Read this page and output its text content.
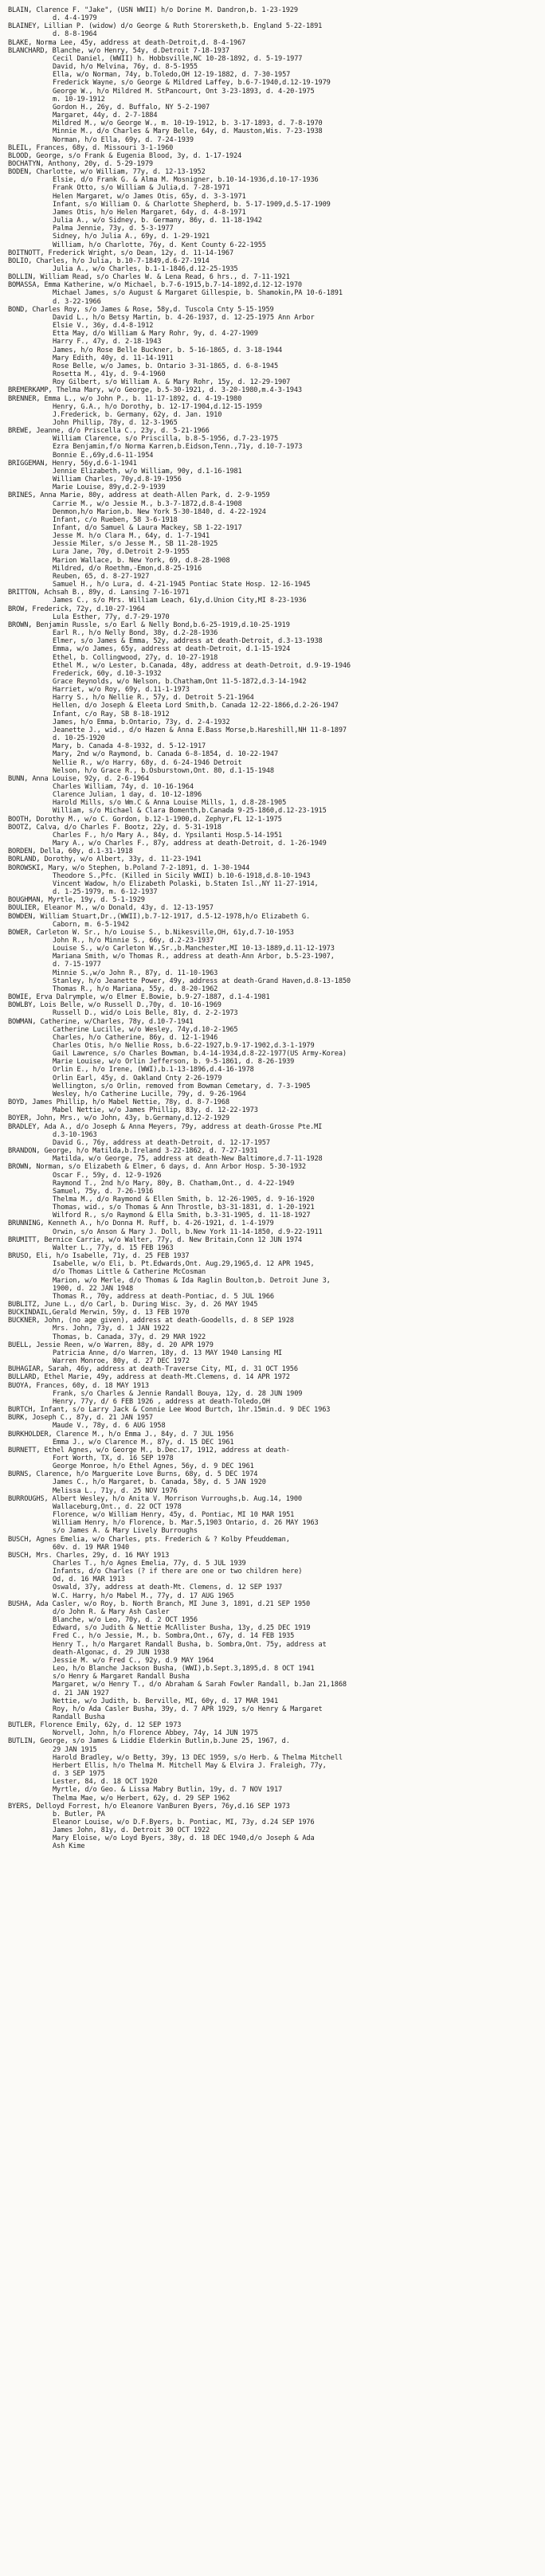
BLAIN, Clarence F. "Jake", (USN WWII) h/o Dorine M. Dandron,b. 1-23-1929
d. 4-4-1979
BLAINEY, Lillian P. (widow) d/o George & Ruth Storersketh,b. England 5-22-1891
d. 8-8-1964
BLAKE, Norma Lee, 45y, address at death-Detroit,d. 8-4-1967
BLANCHARD, Blanche, w/o Henry, 54y, d.Detroit 7-18-1937
Cecil Daniel, (WWII) h. Hobbsville,NC 10-28-1892, d. 5-19-1977
David, h/o Melvina, 76y, d. 8-5-1955
Ella, w/o Norman, 74y, b.Toledo,OH 12-19-1882, d. 7-30-1957
Frederick Wayne, s/o George & Mildred Laffey, b.6-7-1940,d.12-19-1979
George W., h/o Mildred M. StPancourt, Ont 3-23-1893, d. 4-20-1975
m. 10-19-1912
Gordon H., 26y, d. Buffalo, NY 5-2-1907
Margaret, 44y, d. 2-7-1884
Mildred M., w/o George W., m. 10-19-1912, b. 3-17-1893, d. 7-8-1970
Minnie M., d/o Charles & Mary Belle, 64y, d. Mauston,Wis. 7-23-1938
Norman, h/o Ella, 69y, d. 7-24-1939
BLEIL, Frances, 68y, d. Missouri 3-1-1960
BLOOD, George, s/o Frank & Eugenia Blood, 3y, d. 1-17-1924
BOCHATYN, Anthony, 20y, d. 5-29-1979
BODEN, Charlotte, w/o William, 77y, d. 12-13-1952
Elsie, d/o Frank G. & Alma M. Mosnigner, b.10-14-1936,d.10-17-1936
Frank Otto, s/o William & Julia,d. 7-28-1971
Helen Margaret, w/o James Otis, 65y, d. 3-3-1971
Infant, s/o William O. & Charlotte Shepherd, b. 5-17-1909,d.5-17-1909
James Otis, h/o Helen Margaret, 64y, d. 4-8-1971
Julia A., w/o Sidney, b. Germany, 86y, d. 11-18-1942
Palma Jennie, 73y, d. 5-3-1977
Sidney, h/o Julia A., 69y, d. 1-29-1921
William, h/o Charlotte, 76y, d. Kent County 6-22-1955
BOITNOTT, Frederick Wright, s/o Dean, 12y, d. 11-14-1967
BOLIO, Charles, h/o Julia, b.10-7-1849,d.6-27-1914
Julia A., w/o Charles, b.1-1-1846,d.12-25-1935
BOLLIN, William Read, s/o Charles W. & Lena Read, 6 hrs., d. 7-11-1921
BOMASSA, Emma Katherine, w/o Michael, b.7-6-1915,b.7-14-1892,d.12-12-1970
Michael James, s/o August & Margaret Gillespie, b. Shamokin,PA 10-6-1891
d. 3-22-1966
BOND, Charles Roy, s/o James & Rose, 58y,d. Tuscola Cnty 5-15-1959
David L., h/o Betsy Martin, b. 4-26-1937, d. 12-25-1975 Ann Arbor
Elsie V., 36y, d.4-8-1912
Etta May, d/o William & Mary Rohr, 9y, d. 4-27-1909
Harry F., 47y, d. 2-18-1943
James, h/o Rose Belle Buckner, b. 5-16-1865, d. 3-18-1944
Mary Edith, 40y, d. 11-14-1911
Rose Belle, w/o James, b. Ontario 3-31-1865, d. 6-8-1945
Rosetta M., 41y, d. 9-4-1960
Roy Gilbert, s/o William A. & Mary Rohr, 15y, d. 12-29-1907
BREMERKAMP, Thelma Mary, w/o George, b.5-30-1921, d. 3-20-1980,m.4-3-1943
BRENNER, Emma L., w/o John P., b. 11-17-1892, d. 4-19-1980
Henry, G.A., h/o Dorothy, b. 12-17-1904,d.12-15-1959
J.Frederick, b. Germany, 62y, d. Jan. 1910
John Phillip, 78y, d. 12-3-1965
BREWE, Jeanne, d/o Priscella C., 23y, d. 5-21-1966
William Clarence, s/o Priscilla, b.8-5-1956, d.7-23-1975
Ezra Benjamin,f/o Norma Karren,b.Eidson,Tenn.,71y, d.10-7-1973
Bonnie E.,69y,d.6-11-1954
BRIGGEMAN, Henry, 56y,d.6-1-1941
Jennie Elizabeth, w/o William, 90y, d.1-16-1981
William Charles, 70y,d.8-19-1956
Marie Louise, 89y,d.2-9-1939
BRINES, Anna Marie, 80y, address at death-Allen Park, d. 2-9-1959
Carrie M., w/o Jessie M., b.3-7-1872,d.8-4-1908
Denmon,h/o Marion,b. New York 5-30-1840, d. 4-22-1924
Infant, c/o Rueben, 58 3-6-1918
Infant, d/o Samuel & Laura Mackey, SB 1-22-1917
Jesse M. h/o Clara M., 64y, d. 1-7-1941
Jessie Miler, s/o Jesse M., SB 11-28-1925
Lura Jane, 70y, d.Detroit 2-9-1955
Marion Wallace, b. New York, 69, d.8-28-1908
Mildred, d/o Roethm,-Emon,d.8-25-1916
Reuben, 65, d. 8-27-1927
Samuel H., h/o Lura, d. 4-21-1945 Pontiac State Hosp. 12-16-1945
BRITTON, Achsah B., 89y, d. Lansing 7-16-1971
James C., s/o Mrs. William Leach, 61y,d.Union City,MI 8-23-1936
BROW, Frederick, 72y, d.10-27-1964
Lula Esther, 77y, d.7-29-1970
BROWN, Benjamin Russle, s/o Earl & Nelly Bond,b.6-25-1919,d.10-25-1919
Earl R., h/o Nelly Bond, 38y, d.2-28-1936
Elmer, s/o James & Emma, 52y, address at death-Detroit, d.3-13-1938
Emma, w/o James, 65y, address at death-Detroit, d.1-15-1924
Ethel, b. Collingwood, 27y, d. 10-27-1918
Ethel M., w/o Lester, b.Canada, 48y, address at death-Detroit, d.9-19-1946
Frederick, 60y, d.10-3-1932
Grace Reynolds, w/o Nelson, b.Chatham,Ont 11-5-1872,d.3-14-1942
Harriet, w/o Roy, 69y, d.11-1-1973
Harry S., h/o Nellie R., 57y, d. Detroit 5-21-1964
Hellen, d/o Joseph & Eleeta Lord Smith,b. Canada 12-22-1866,d.2-26-1947
Infant, c/o Ray, SB 8-18-1912
James, h/o Emma, b.Ontario, 73y, d. 2-4-1932
Jeanette J., wid., d/o Hazen & Anna E.Bass Morse,b.Hareshill,NH 11-8-1897
d. 10-25-1920
Mary, b. Canada 4-8-1932, d. 5-12-1917
Mary, 2nd w/o Raymond, b. Canada 6-8-1854, d. 10-22-1947
Nellie R., w/o Harry, 68y, d. 6-24-1946 Detroit
Nelson, h/o Grace R., b.Osburstown,Ont. 80, d.1-15-1948
BUNN, Anna Louise, 92y, d. 2-6-1964
Charles William, 74y, d. 10-16-1964
Clarence Julian, 1 day, d. 10-12-1896
Harold Mills, s/o Wm.C & Anna Louise Mills, 1, d.8-28-1905
William, s/o Michael & Clara Bomenth,b.Canada 9-25-1860,d.12-23-1915
BOOTH, Dorothy M., w/o C. Gordon, b.12-1-1900,d. Zephyr,FL 12-1-1975
BOOTZ, Calva, d/o Charles F. Bootz, 22y, d. 5-31-1918
Charles F., h/o Mary A., 84y, d. Ypsilanti Hosp.5-14-1951
Mary A., w/o Charles F., 87y, address at death-Detroit, d. 1-26-1949
BORDEN, Della, 60y, d.1-31-1918
BORLAND, Dorothy, w/o Albert, 33y, d. 11-23-1941
BOROWSKI, Mary, w/o Stephen, b.Poland 7-2-1891, d. 1-30-1944
Theodore S.,Pfc. (Killed in Sicily WWII) b.10-6-1918,d.8-10-1943
Vincent Wadow, h/o Elizabeth Polaski, b.Staten Isl.,NY 11-27-1914,
d. 1-25-1979, m. 6-12-1937
BOUGHMAN, Myrtle, 19y, d. 5-1-1929
BOULIER, Eleanor M., w/o Donald, 43y, d. 12-13-1957
BOWDEN, William Stuart,Dr.,(WWII),b.7-12-1917, d.5-12-1978,h/o Elizabeth G.
Caborn, m. 6-5-1942
BOWER, Carleton W. Sr., h/o Louise S., b.Nikesville,OH, 61y,d.7-10-1953
John R., h/o Minnie S., 66y, d.2-23-1937
Louise S., w/o Carleton W.,Sr.,b.Manchester,MI 10-13-1889,d.11-12-1973
Mariana Smith, w/o Thomas R., address at death-Ann Arbor, b.5-23-1907,
d. 7-15-1977
Minnie S.,w/o John R., 87y, d. 11-10-1963
Stanley, h/o Jeanette Power, 49y, address at death-Grand Haven,d.8-13-1850
Thomas R., h/o Mariana, 55y, d. 8-20-1962
BOWIE, Erva Dalrymple, w/o Elmer E.Bowie, b.9-27-1887, d.1-4-1981
BOWLBY, Lois Belle, w/o Russell D.,70y, d. 10-16-1969
Russell D., wid/o Lois Belle, 81y, d. 2-2-1973
BOWMAN, Catherine, w/Charles, 78y, d.10-7-1941
Catherine Lucille, w/o Wesley, 74y,d.10-2-1965
Charles, h/o Catherine, 86y, d. 12-1-1946
Charles Otis, h/o Nellie Ross, b.6-22-1927,b.9-17-1902,d.3-1-1979
Gail Lawrence, s/o Charles Bowman, b.4-14-1934,d.8-22-1977(US Army-Korea)
Marie Louise, w/o Orlin Jefferson, b. 9-5-1861, d. 8-26-1939
Orlin E., h/o Irene, (WWI),b.1-13-1896,d.4-16-1978
Orlin Earl, 45y, d. Oakland Cnty 2-26-1979
Wellington, s/o Orlin, removed from Bowman Cemetary, d. 7-3-1905
Wesley, h/o Catherine Lucille, 79y, d. 9-26-1964
BOYD, James Phillip, h/o Mabel Nettie, 78y, d. 8-7-1968
Mabel Nettie, w/o James Phillip, 83y, d. 12-22-1973
BOYER, John, Mrs., w/o John, 43y, b.Germany,d.12-2-1929
BRADLEY, Ada A., d/o Joseph & Anna Meyers, 79y, address at death-Grosse Pte.MI
d.3-10-1963
David G., 76y, address at death-Detroit, d. 12-17-1957
BRANDON, George, h/o Matilda,b.Ireland 3-22-1862, d. 7-27-1931
Matilda, w/o George, 75, address at death-New Baltimore,d.7-11-1928
BROWN, Norman, s/o Elizabeth & Elmer, 6 days, d. Ann Arbor Hosp. 5-30-1932
Oscar F., 59y, d. 12-9-1926
Raymond T., 2nd h/o Mary, 80y, B. Chatham,Ont., d. 4-22-1949
Samuel, 75y, d. 7-26-1916
Thelma M., d/o Raymond & Ellen Smith, b. 12-26-1905, d. 9-16-1920
Thomas, wid., s/o Thomas & Ann Throstle, b3-31-1831, d. 1-20-1921
Wilford R., s/o Raymond & Ella Smith, b.3-31-1905, d. 11-18-1927
BRUNNING, Kenneth A., h/o Donna M. Ruff, b. 4-26-1921, d. 1-4-1979
Orwin, s/o Anson & Mary J. Doll, b.New York 11-14-1850, d.9-22-1911
BRUMITT, Bernice Carrie, w/o Walter, 77y, d. New Britain,Conn 12 JUN 1974
Walter L., 77y, d. 15 FEB 1963
BRUSO, Eli, h/o Isabelle, 71y, d. 25 FEB 1937
Isabelle, w/o Eli, b. Pt.Edwards,Ont. Aug.29,1965,d. 12 APR 1945,
d/o Thomas Little & Catherine McCosman
Marion, w/o Merle, d/o Thomas & Ida Raglin Boulton,b. Detroit June 3,
1900, d. 22 JAN 1948
Thomas R., 70y, address at death-Pontiac, d. 5 JUL 1966
BUBLITZ, June L., d/o Carl, b. During Wisc. 3y, d. 26 MAY 1945
BUCKINDAIL,Gerald Merwin, 59y, d. 13 FEB 1970
BUCKNER, John, (no age given), address at death-Goodells, d. 8 SEP 1928
Mrs. John, 73y, d. 1 JAN 1922
Thomas, b. Canada, 37y, d. 29 MAR 1922
BUELL, Jessie Reen, w/o Warren, 88y, d. 20 APR 1979
Patricia Anne, d/o Warren, 18y, d. 13 MAY 1940 Lansing MI
Warren Monroe, 80y, d. 27 DEC 1972
BUHAGIAR, Sarah, 46y, address at death-Traverse City, MI, d. 31 OCT 1956
BULLARD, Ethel Marie, 49y, address at death-Mt.Clemens, d. 14 APR 1972
BUOYA, Frances, 60y, d. 18 MAY 1913
Frank, s/o Charles & Jennie Randall Bouya, 12y, d. 28 JUN 1909
Henry, 77y, d/ 6 FEB 1926 , address at death-Toledo,OH
BURTCH, Infant, s/o Larry Jack & Connie Lee Wood Burtch, 1hr.15min.d. 9 DEC 1963
BURK, Joseph C., 87y, d. 21 JAN 1957
Maude V., 78y, d. 6 AUG 1958
BURKHOLDER, Clarence M., h/o Emma J., 84y, d. 7 JUL 1956
Emma J., w/o Clarence M., 87y, d. 15 DEC 1961
BURNETT, Ethel Agnes, w/o George M., b.Dec.17, 1912, address at death-
Fort Worth, TX, d. 16 SEP 1978
George Monroe, h/o Ethel Agnes, 56y, d. 9 DEC 1961
BURNS, Clarence, h/o Marguerite Love Burns, 68y, d. 5 DEC 1974
James C., h/o Margaret, b. Canada, 58y, d. 5 JAN 1920
Melissa L., 71y, d. 25 NOV 1976
BURROUGHS, Albert Wesley, h/o Anita V. Morrison Vurroughs,b. Aug.14, 1900
Wallaceburg,Ont., d. 22 OCT 1978
Florence, w/o William Henry, 45y, d. Pontiac, MI 10 MAR 1951
William Henry, h/o Florence, b. Mar.5,1903 Ontario, d. 26 MAY 1963
s/o James A. & Mary Lively Burroughs
BUSCH, Agnes Emelia, w/o Charles, pts. Frederich & ? Kolby Pfeuddeman,
60v. d. 19 MAR 1940
BUSCH, Mrs. Charles, 29y, d. 16 MAY 1913
Charles T., h/o Agnes Emelia, 77y, d. 5 JUL 1939
Infants, d/o Charles (? if there are one or two children here)
Od, d. 16 MAR 1913
Oswald, 37y, address at death-Mt. Clemens, d. 12 SEP 1937
W.C. Harry, h/o Mabel M., 77y, d. 17 AUG 1965
BUSHA, Ada Casler, w/o Roy, b. North Branch, MI June 3, 1891, d.21 SEP 1950
d/o John R. & Mary Ash Casler
Blanche, w/o Leo, 70y, d. 2 OCT 1956
Edward, s/o Judith & Nettie McAllister Busha, 13y, d.25 DEC 1919
Fred C., h/o Jessie, M., b. Sombra,Ont., 67y, d. 14 FEB 1935
Henry T., h/o Margaret Randall Busha, b. Sombra,Ont. 75y, address at
death-Algonac, d. 29 JUN 1938
Jessie M. w/o Fred C., 92y, d.9 MAY 1964
Leo, h/o Blanche Jackson Busha, (WWI),b.Sept.3,1895,d. 8 OCT 1941
s/o Henry & Margaret Randall Busha
Margaret, w/o Henry T., d/o Abraham & Sarah Fowler Randall, b.Jan 21,1868
d. 21 JAN 1927
Nettie, w/o Judith, b. Berville, MI, 60y, d. 17 MAR 1941
Roy, h/o Ada Casler Busha, 39y, d. 7 APR 1929, s/o Henry & Margaret
Randall Busha
BUTLER, Florence Emily, 62y, d. 12 SEP 1973
Norvell, John, h/o Florence Abbey, 74y, 14 JUN 1975
BUTLIN, George, s/o James & Liddie Elderkin Butlin,b.June 25, 1967, d.
29 JAN 1915
Harold Bradley, w/o Betty, 39y, 13 DEC 1959, s/o Herb. & Thelma Mitchell
Herbert Ellis, h/o Thelma M. Mitchell May & Elvira J. Fraleigh, 77y,
d. 3 SEP 1975
Lester, 84, d. 18 OCT 1920
Myrtle, d/o Geo. & Lissa Mabry Butlin, 19y, d. 7 NOV 1917
Thelma Mae, w/o Herbert, 62y, d. 29 SEP 1962
BYERS, Delloyd Forrest, h/o Eleanore VanBuren Byers, 76y,d.16 SEP 1973
b. Butler, PA
Eleanor Louise, w/o D.F.Byers, b. Pontiac, MI, 73y, d.24 SEP 1976
James John, 81y, d. Detroit 30 OCT 1922
Mary Eloise, w/o Loyd Byers, 38y, d. 18 DEC 1940,d/o Joseph & Ada
Ash Kime
